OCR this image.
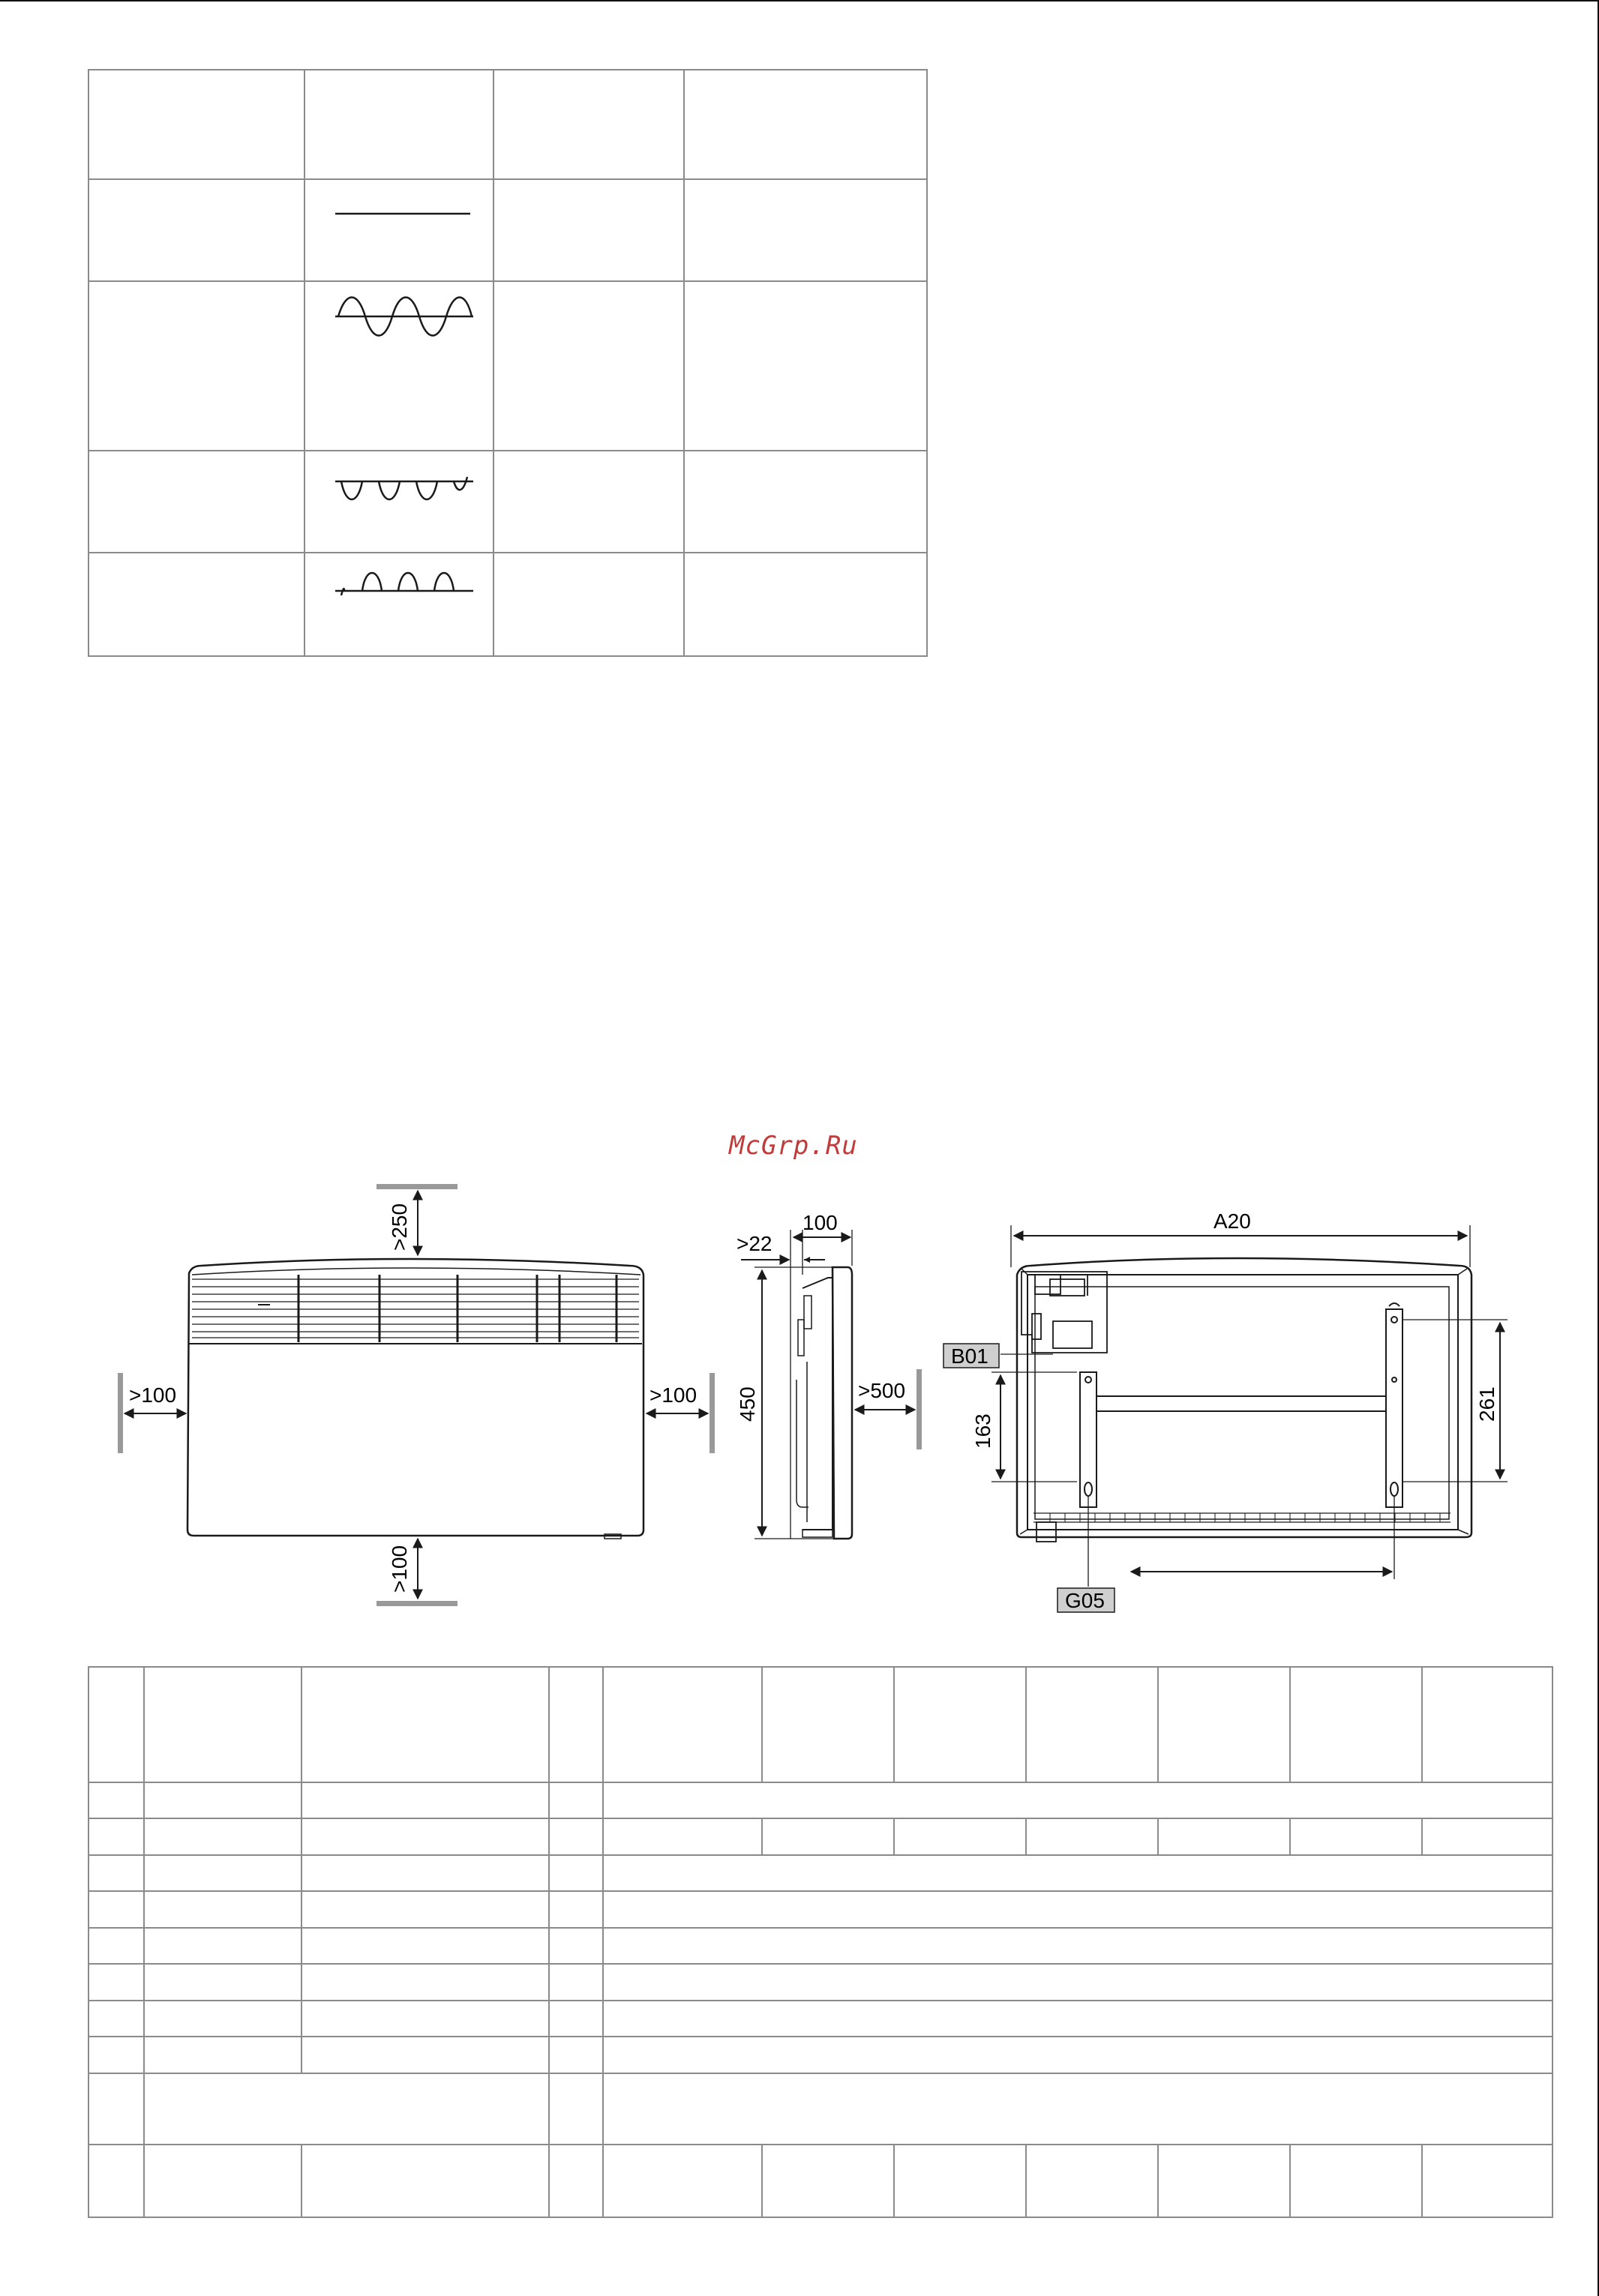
McGrp.Ru
>250
>100
>100	>100
100
>22
450	>500
A20
163
261
B01
G05
